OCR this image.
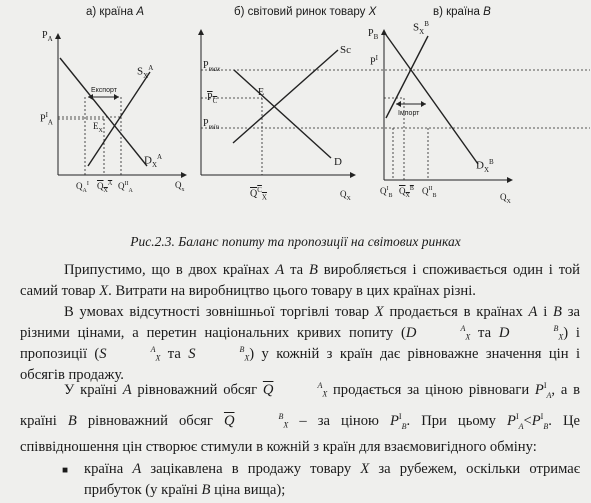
а) країна A	б) світовий ринок товару X	в) країна B
$P_A$
$P^I_A$
$S_X^A$
$D_X^A$
Експорт
$E_X$
$Q_x$
$Q_A^I$ $Q_X^A$ $Q^{II}_A$
$P_{max}$
$P_C$
$P_{min}$
E
Sc
D
$Q^C_X$	$Q_X$
$P_B$
$P^I$
$S_X^B$
$D_X^B$
Імпорт
$Q^I_B$ $Q_X^B$ $Q^{II}_B$	$Q_X$
Рис.2.3. Баланс попиту та пропозиції на світових ринках
Припустимо, що в двох країнах A та B виробляється і споживається один і той самий товар X. Витрати на виробництво цього товару в цих країнах різні.
В умовах відсутності зовнішньої торгівлі товар X продається в країнах A і B за різними цінами, а перетин національних кривих попиту (D	$^A_X$ та D	$^B_X$) і пропозиції (S	$^A_X$ та S	$^B_X$) у кожній з країн дає рівноважне значення цін і обсягів продажу.
У країні A рівноважний обсяг $\overline{Q}$	$^A_X$ продається за ціною рівноваги $P^I_A$, а в країні B рівноважний обсяг $\overline{Q}$	$^B_X$ – за ціною $P^I_B$. При цьому $P^I_A<P^I_B$. Це співвідношення цін створює стимули в кожній з країн для взаємовигідного обміну:
■ країна A зацікавлена в продажу товару X за рубежем, оскільки отримає прибуток (у країні B ціна вища);
